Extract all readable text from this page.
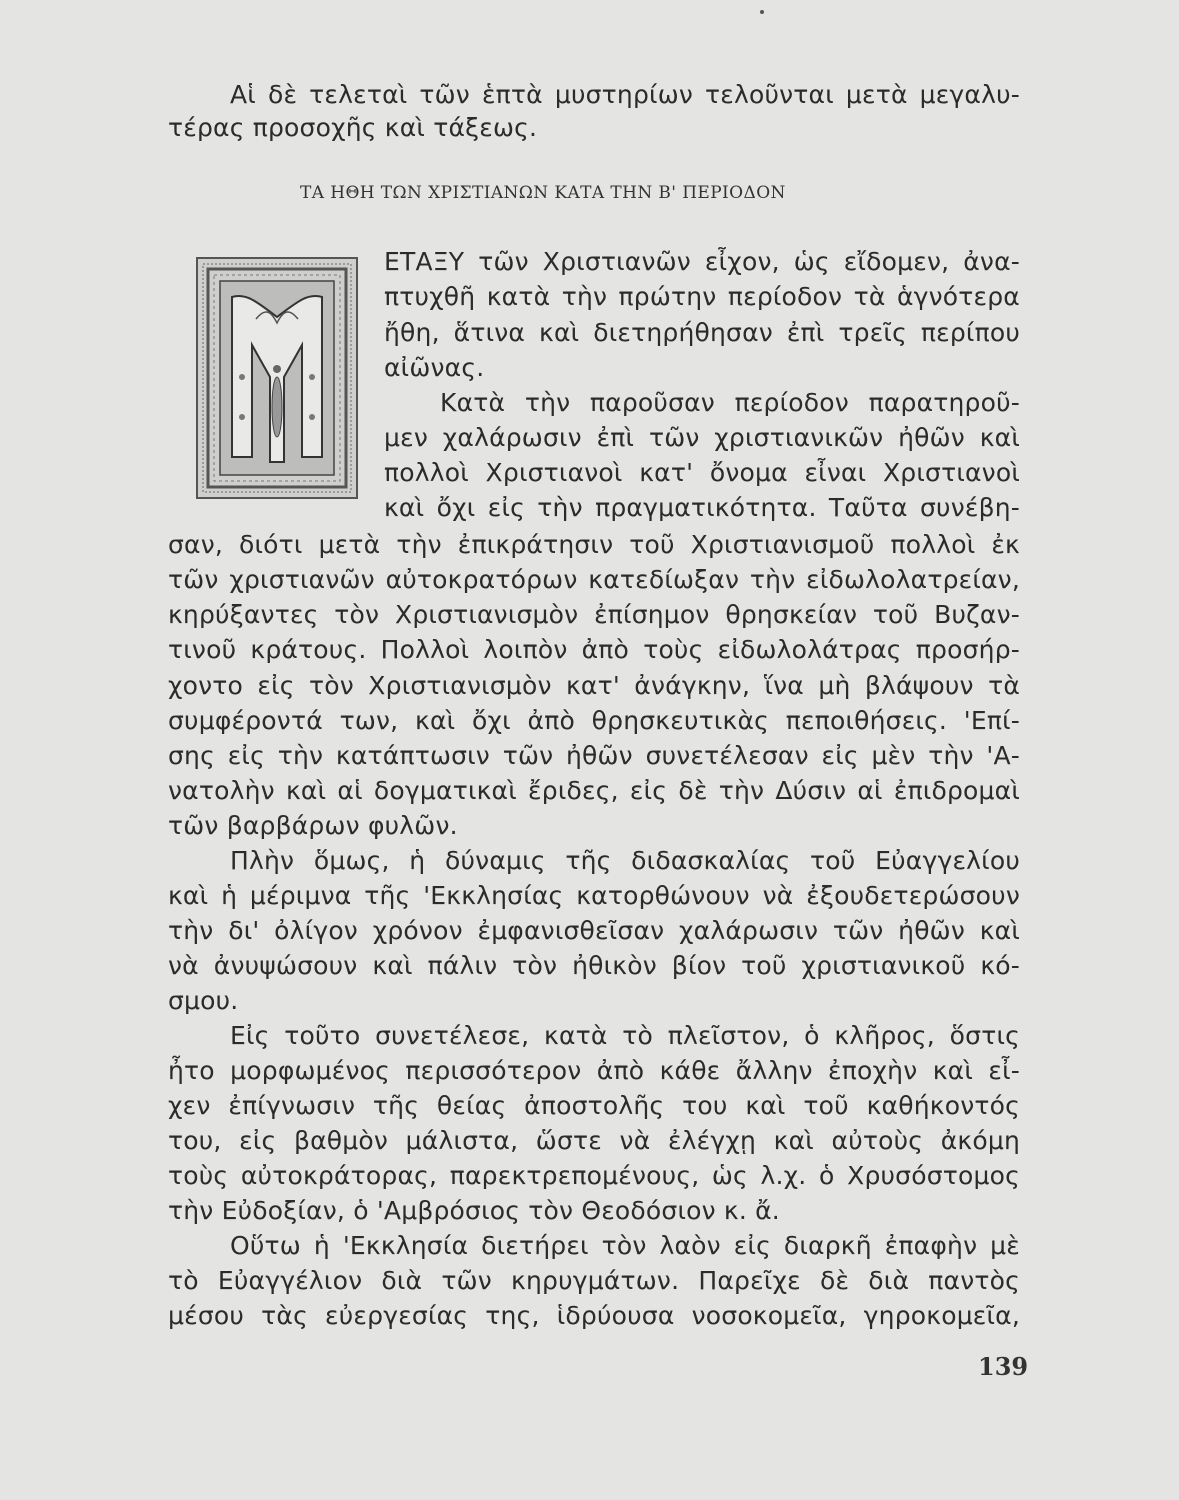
Αἱ δὲ τελεταὶ τῶν ἑπτὰ μυστηρίων τελοῦνται μετὰ μεγαλυ-
τέρας προσοχῆς καὶ τάξεως.
ΤΑ ΗΘΗ ΤΩΝ ΧΡΙΣΤΙΑΝΩΝ ΚΑΤΑ ΤΗΝ Β' ΠΕΡΙΟΔΟΝ
ΕΤΑΞΥ τῶν Χριστιανῶν εἶχον, ὡς εἴδομεν, ἀνα-
πτυχθῆ κατὰ τὴν πρώτην περίοδον τὰ ἁγνότερα
ἤθη, ἅτινα καὶ διετηρήθησαν ἐπὶ τρεῖς περίπου
αἰῶνας.
Κατὰ τὴν παροῦσαν περίοδον παρατηροῦ-
μεν χαλάρωσιν ἐπὶ τῶν χριστιανικῶν ἠθῶν καὶ
πολλοὶ Χριστιανοὶ κατ' ὄνομα εἶναι Χριστιανοὶ
καὶ ὄχι εἰς τὴν πραγματικότητα. Ταῦτα συνέβη-
σαν, διότι μετὰ τὴν ἐπικράτησιν τοῦ Χριστιανισμοῦ πολλοὶ ἐκ
τῶν χριστιανῶν αὐτοκρατόρων κατεδίωξαν τὴν εἰδωλολατρείαν,
κηρύξαντες τὸν Χριστιανισμὸν ἐπίσημον θρησκείαν τοῦ Βυζαν-
τινοῦ κράτους. Πολλοὶ λοιπὸν ἀπὸ τοὺς εἰδωλολάτρας προσήρ-
χοντο εἰς τὸν Χριστιανισμὸν κατ' ἀνάγκην, ἵνα μὴ βλάψουν τὰ
συμφέροντά των, καὶ ὄχι ἀπὸ θρησκευτικὰς πεποιθήσεις. 'Επί-
σης εἰς τὴν κατάπτωσιν τῶν ἠθῶν συνετέλεσαν εἰς μὲν τὴν 'Α-
νατολὴν καὶ αἱ δογματικαὶ ἔριδες, εἰς δὲ τὴν Δύσιν αἱ ἐπιδρομαὶ
τῶν βαρβάρων φυλῶν.
Πλὴν ὅμως, ἡ δύναμις τῆς διδασκαλίας τοῦ Εὐαγγελίου
καὶ ἡ μέριμνα τῆς 'Εκκλησίας κατορθώνουν νὰ ἐξουδετερώσουν
τὴν δι' ὀλίγον χρόνον ἐμφανισθεῖσαν χαλάρωσιν τῶν ἠθῶν καὶ
νὰ ἀνυψώσουν καὶ πάλιν τὸν ἠθικὸν βίον τοῦ χριστιανικοῦ κό-
σμου.
Εἰς τοῦτο συνετέλεσε, κατὰ τὸ πλεῖστον, ὁ κλῆρος, ὅστις
ἦτο μορφωμένος περισσότερον ἀπὸ κάθε ἄλλην ἐποχὴν καὶ εἶ-
χεν ἐπίγνωσιν τῆς θείας ἀποστολῆς του καὶ τοῦ καθήκοντός
του, εἰς βαθμὸν μάλιστα, ὥστε νὰ ἐλέγχῃ καὶ αὐτοὺς ἀκόμη
τοὺς αὐτοκράτορας, παρεκτρεπομένους, ὡς λ.χ. ὁ Χρυσόστομος
τὴν Εὐδοξίαν, ὁ 'Αμβρόσιος τὸν Θεοδόσιον κ. ἄ.
Οὕτω ἡ 'Εκκλησία διετήρει τὸν λαὸν εἰς διαρκῆ ἐπαφὴν μὲ
τὸ Εὐαγγέλιον διὰ τῶν κηρυγμάτων. Παρεῖχε δὲ διὰ παντὸς
μέσου τὰς εὐεργεσίας της, ἱδρύουσα νοσοκομεῖα, γηροκομεῖα,
139
